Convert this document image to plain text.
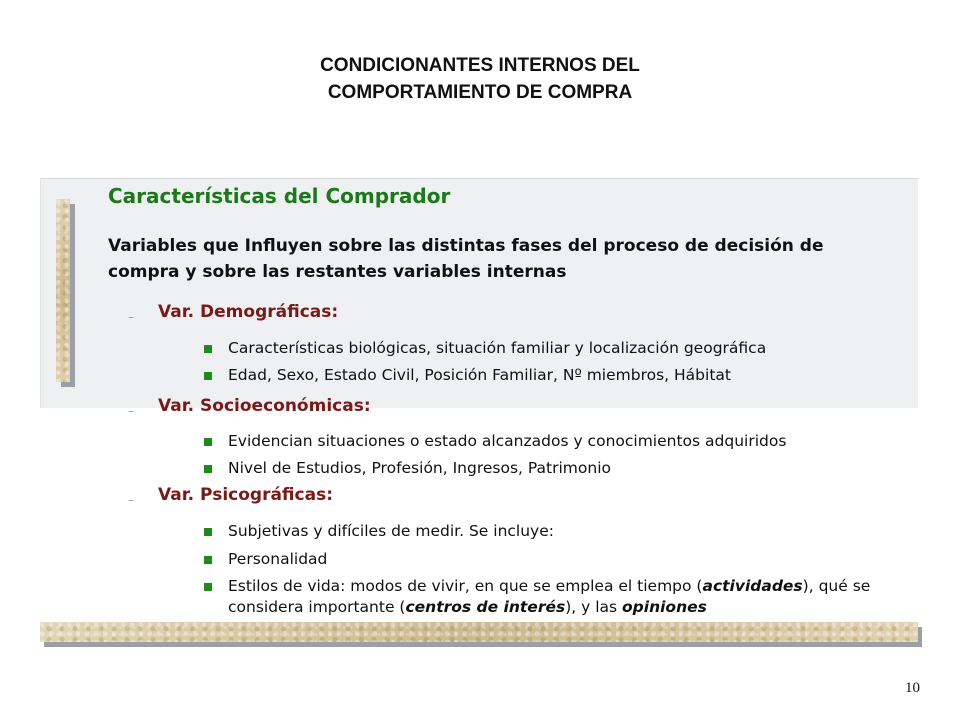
CONDICIONANTES INTERNOS DEL
COMPORTAMIENTO DE COMPRA
Características del Comprador
Variables que Influyen sobre las distintas fases del proceso de decisión de compra y sobre las restantes variables internas
– Var. Demográficas:
Características biológicas, situación familiar y localización geográfica
Edad, Sexo, Estado Civil, Posición Familiar, Nº miembros, Hábitat
– Var. Socioeconómicas:
Evidencian situaciones o estado alcanzados y conocimientos adquiridos
Nivel de Estudios, Profesión, Ingresos, Patrimonio
– Var. Psicográficas:
Subjetivas y difíciles de medir. Se incluye:
Personalidad
Estilos de vida: modos de vivir, en que se emplea el tiempo (actividades), qué se considera importante (centros de interés), y las opiniones
10
